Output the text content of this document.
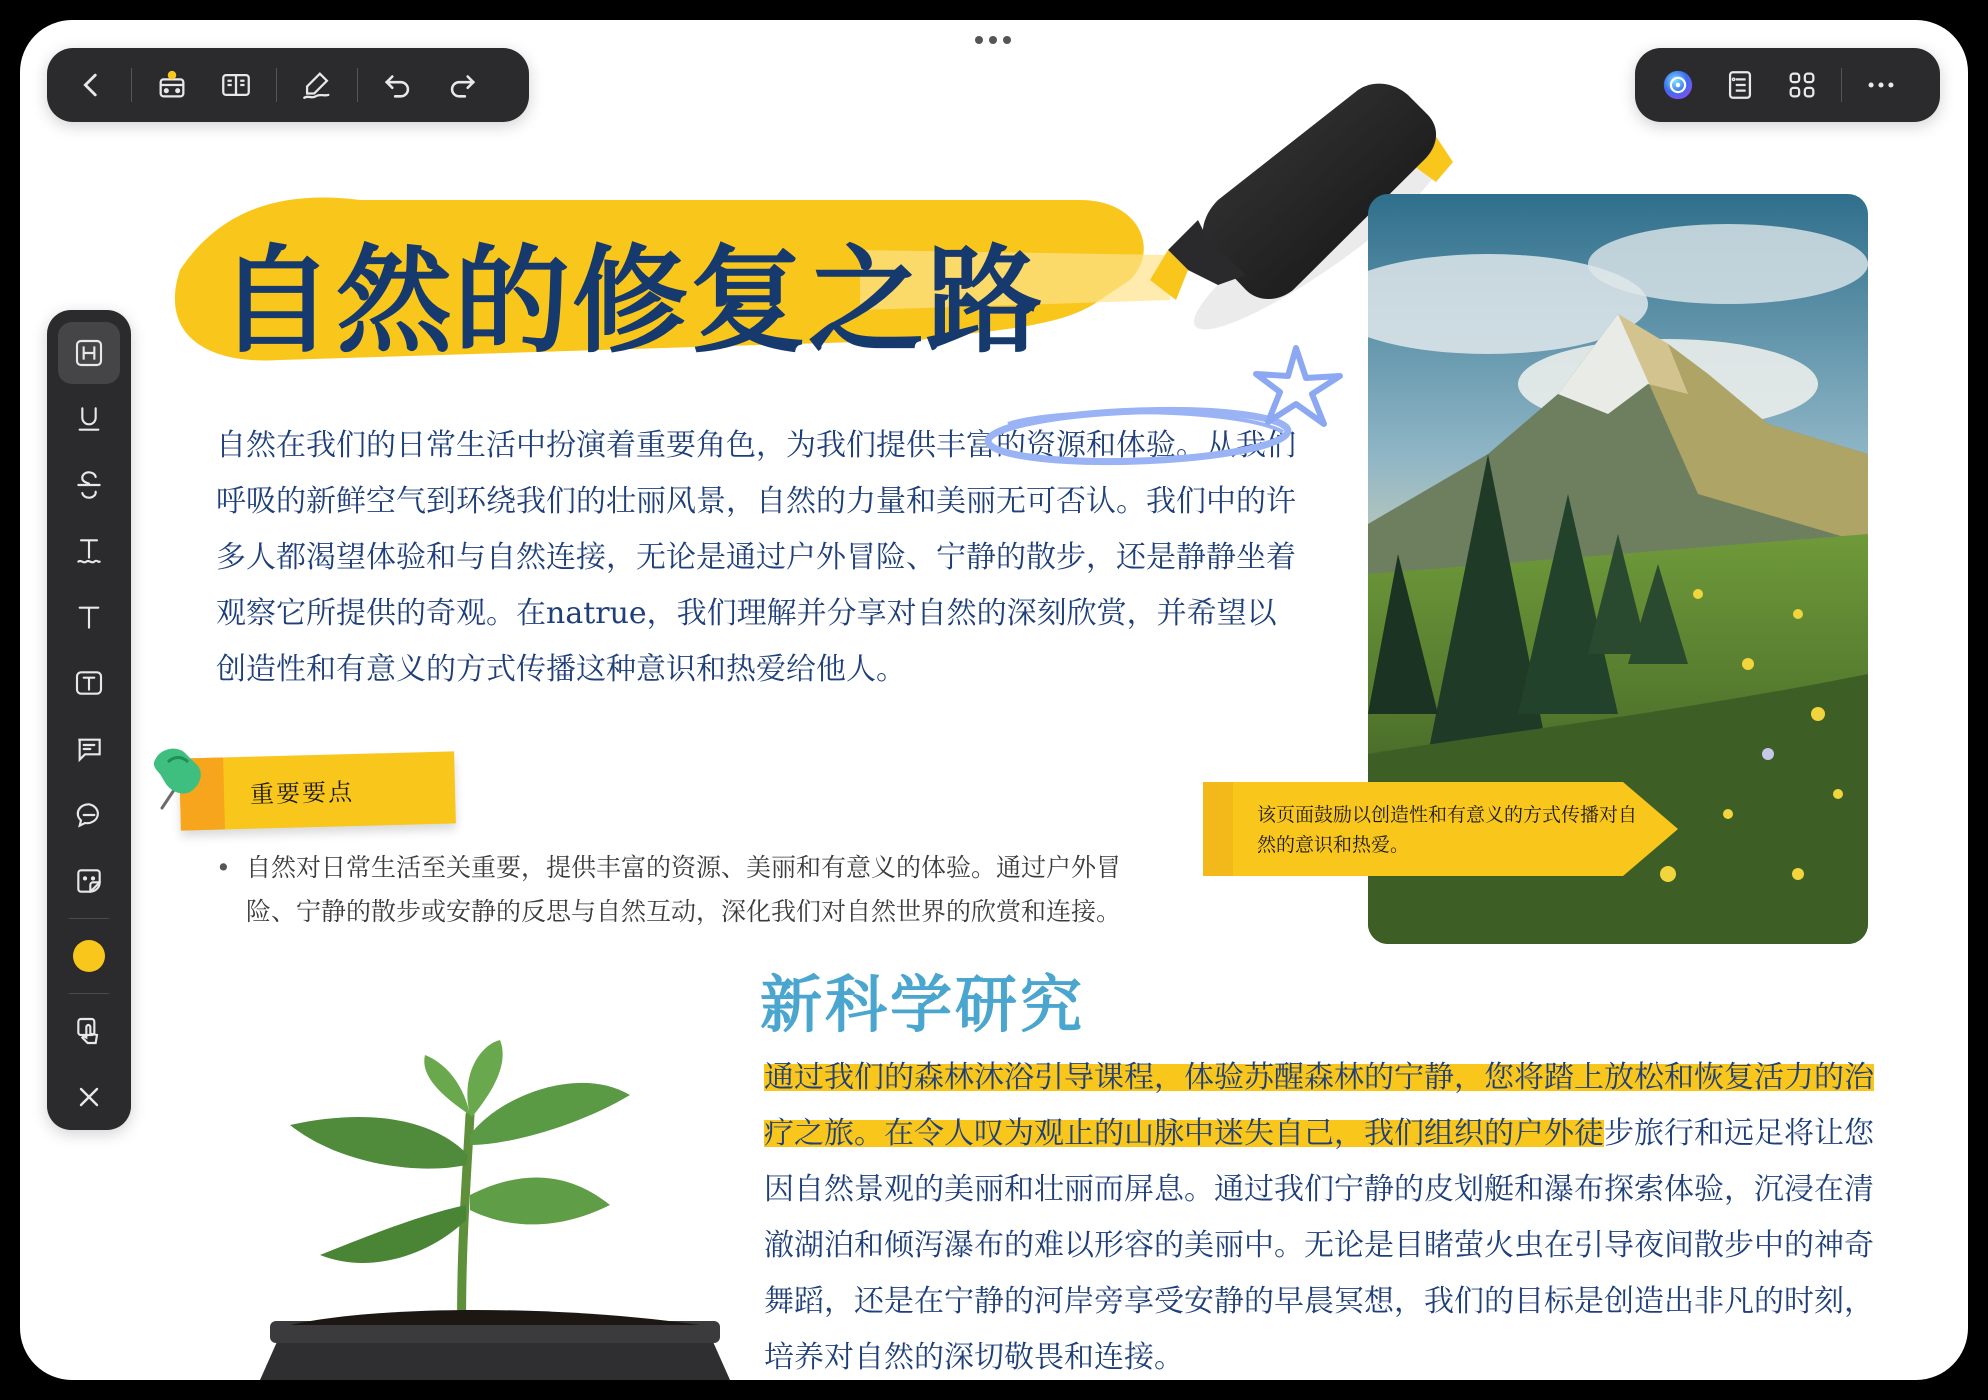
自然的修复之路

自然在我们的日常生活中扮演着重要角色，为我们提供丰富的资源和体验。从我们呼吸的新鲜空气到环绕我们的壮丽风景，自然的力量和美丽无可否认。我们中的许多人都渴望体验和与自然连接，无论是通过户外冒险、宁静的散步，还是静静坐着观察它所提供的奇观。在natrue，我们理解并分享对自然的深刻欣赏，并希望以创造性和有意义的方式传播这种意识和热爱给他人。

重要要点
• 自然对日常生活至关重要，提供丰富的资源、美丽和有意义的体验。通过户外冒险、宁静的散步或安静的反思与自然互动，深化我们对自然世界的欣赏和连接。
该页面鼓励以创造性和有意义的方式传播对自然的意识和热爱。
新科学研究

通过我们的森林沐浴引导课程，体验苏醒森林的宁静，您将踏上放松和恢复活力的治疗之旅。在令人叹为观止的山脉中迷失自己，我们组织的户外徒步旅行和远足将让您因自然景观的美丽和壮丽而屏息。通过我们宁静的皮划艇和瀑布探索体验，沉浸在清澈湖泊和倾泻瀑布的难以形容的美丽中。无论是目睹萤火虫在引导夜间散步中的神奇舞蹈，还是在宁静的河岸旁享受安静的早晨冥想，我们的目标是创造出非凡的时刻，培养对自然的深切敬畏和连接。
